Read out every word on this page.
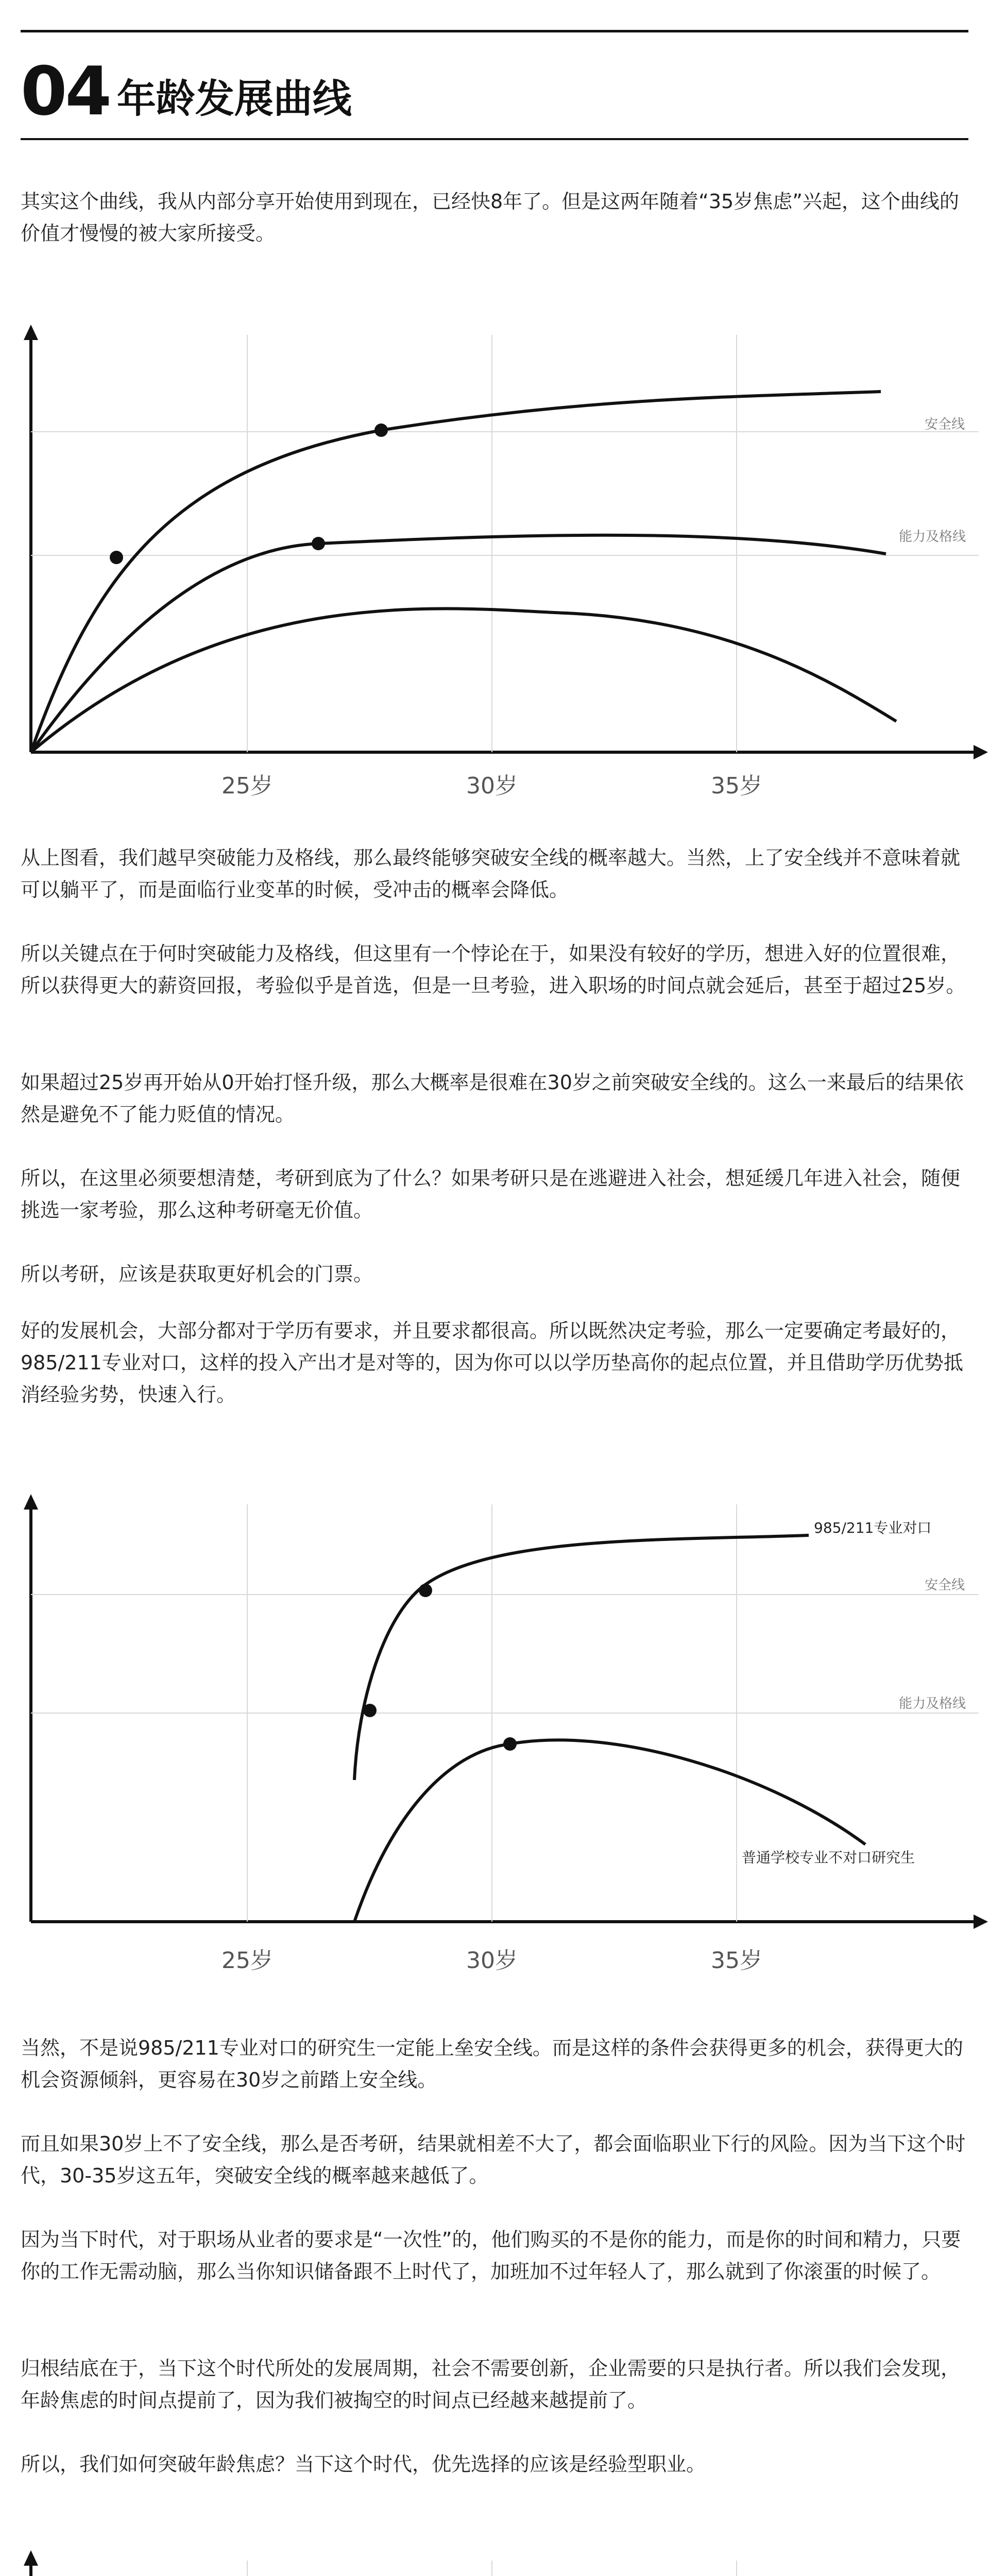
04 年龄发展曲线

其实这个曲线，我从内部分享开始使用到现在，已经快8年了。但是这两年随着“35岁焦虑”兴起，这个曲线的价值才慢慢的被大家所接受。

安全线
能力及格线
25岁	30岁	35岁

从上图看，我们越早突破能力及格线，那么最终能够突破安全线的概率越大。当然，上了安全线并不意味着就可以躺平了，而是面临行业变革的时候，受冲击的概率会降低。

所以关键点在于何时突破能力及格线，但这里有一个悖论在于，如果没有较好的学历，想进入好的位置很难，所以获得更大的薪资回报，考验似乎是首选，但是一旦考验，进入职场的时间点就会延后，甚至于超过25岁。

如果超过25岁再开始从0开始打怪升级，那么大概率是很难在30岁之前突破安全线的。这么一来最后的结果依然是避免不了能力贬值的情况。

所以，在这里必须要想清楚，考研到底为了什么？如果考研只是在逃避进入社会，想延缓几年进入社会，随便挑选一家考验，那么这种考研毫无价值。

所以考研，应该是获取更好机会的门票。

好的发展机会，大部分都对于学历有要求，并且要求都很高。所以既然决定考验，那么一定要确定考最好的，985/211专业对口，这样的投入产出才是对等的，因为你可以以学历垫高你的起点位置，并且借助学历优势抵消经验劣势，快速入行。

安全线
能力及格线
985/211专业对口
普通学校专业不对口研究生
25岁	30岁	35岁

当然，不是说985/211专业对口的研究生一定能上垒安全线。而是这样的条件会获得更多的机会，获得更大的机会资源倾斜，更容易在30岁之前踏上安全线。

而且如果30岁上不了安全线，那么是否考研，结果就相差不大了，都会面临职业下行的风险。因为当下这个时代，30-35岁这五年，突破安全线的概率越来越低了。

因为当下时代，对于职场从业者的要求是“一次性”的，他们购买的不是你的能力，而是你的时间和精力，只要你的工作无需动脑，那么当你知识储备跟不上时代了，加班加不过年轻人了，那么就到了你滚蛋的时候了。

归根结底在于，当下这个时代所处的发展周期，社会不需要创新，企业需要的只是执行者。所以我们会发现，年龄焦虑的时间点提前了，因为我们被掏空的时间点已经越来越提前了。

所以，我们如何突破年龄焦虑？当下这个时代，优先选择的应该是经验型职业。
